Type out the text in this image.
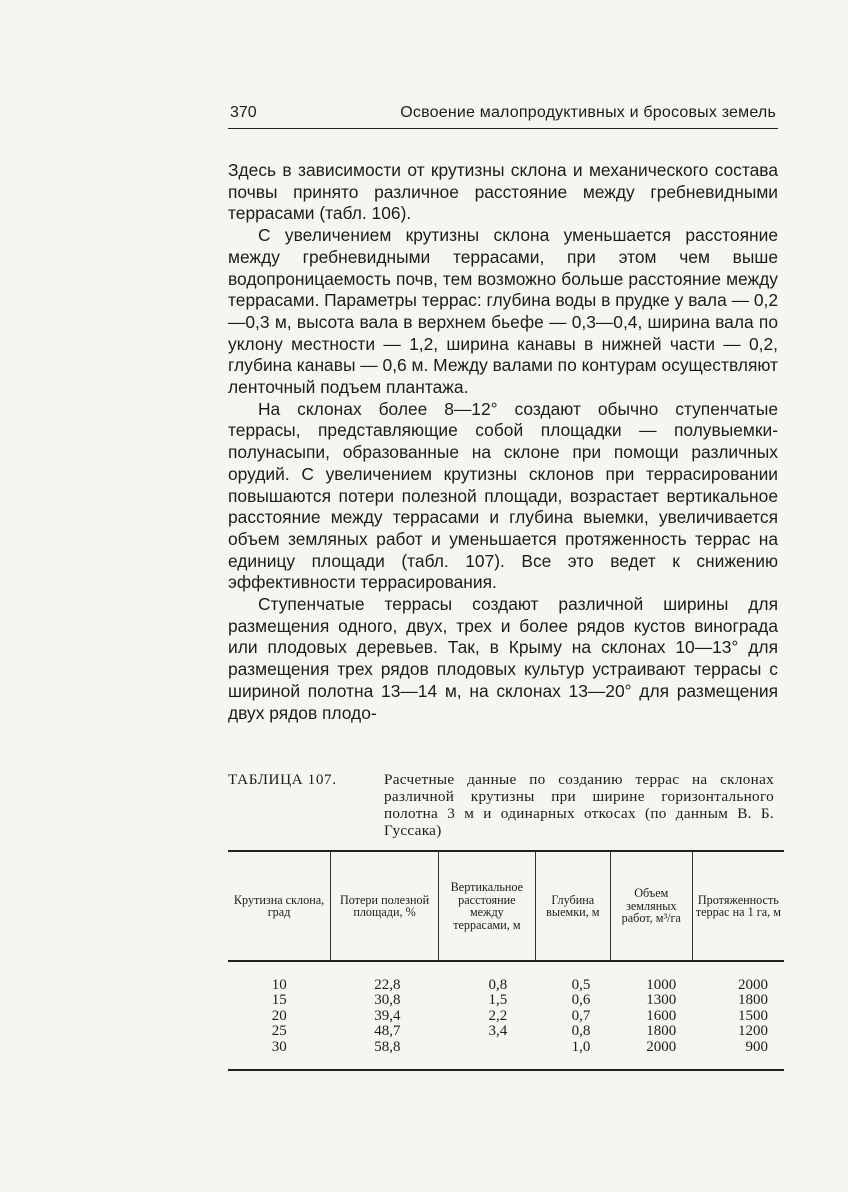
370	Освоение малопродуктивных и бросовых земель

Здесь в зависимости от крутизны склона и механического состава почвы принято различное расстояние между гребневидными террасами (табл. 106).

С увеличением крутизны склона уменьшается расстояние между гребневидными террасами, при этом чем выше водопроницаемость почв, тем возможно больше расстояние между террасами. Параметры террас: глубина воды в прудке у вала — 0,2—0,3 м, высота вала в верхнем бьефе — 0,3—0,4, ширина вала по уклону местности — 1,2, ширина канавы в нижней части — 0,2, глубина канавы — 0,6 м. Между валами по контурам осуществляют ленточный подъем плантажа.

На склонах более 8—12° создают обычно ступенчатые террасы, представляющие собой площадки — полувыемки-полунасыпи, образованные на склоне при помощи различных орудий. С увеличением крутизны склонов при террасировании повышаются потери полезной площади, возрастает вертикальное расстояние между террасами и глубина выемки, увеличивается объем земляных работ и уменьшается протяженность террас на единицу площади (табл. 107). Все это ведет к снижению эффективности террасирования.

Ступенчатые террасы создают различной ширины для размещения одного, двух, трех и более рядов кустов винограда или плодовых деревьев. Так, в Крыму на склонах 10—13° для размещения трех рядов плодовых культур устраивают террасы с шириной полотна 13—14 м, на склонах 13—20° для размещения двух рядов плодо-

ТАБЛИЦА 107.	Расчетные данные по созданию террас на склонах различной крутизны при ширине горизонтального полотна 3 м и одинарных откосах (по данным В. Б. Гуссака)
Крутизна склона, град	Потери полезной площади, %	Вертикальное расстояние между террасами, м	Глубина выемки, м	Объем земляных работ, м³/га	Протяженность террас на 1 га, м
10	22,8	0,8	0,5	1000	2000
15	30,8	1,5	0,6	1300	1800
20	39,4	2,2	0,7	1600	1500
25	48,7	3,4	0,8	1800	1200
30	58,8		1,0	2000	900
